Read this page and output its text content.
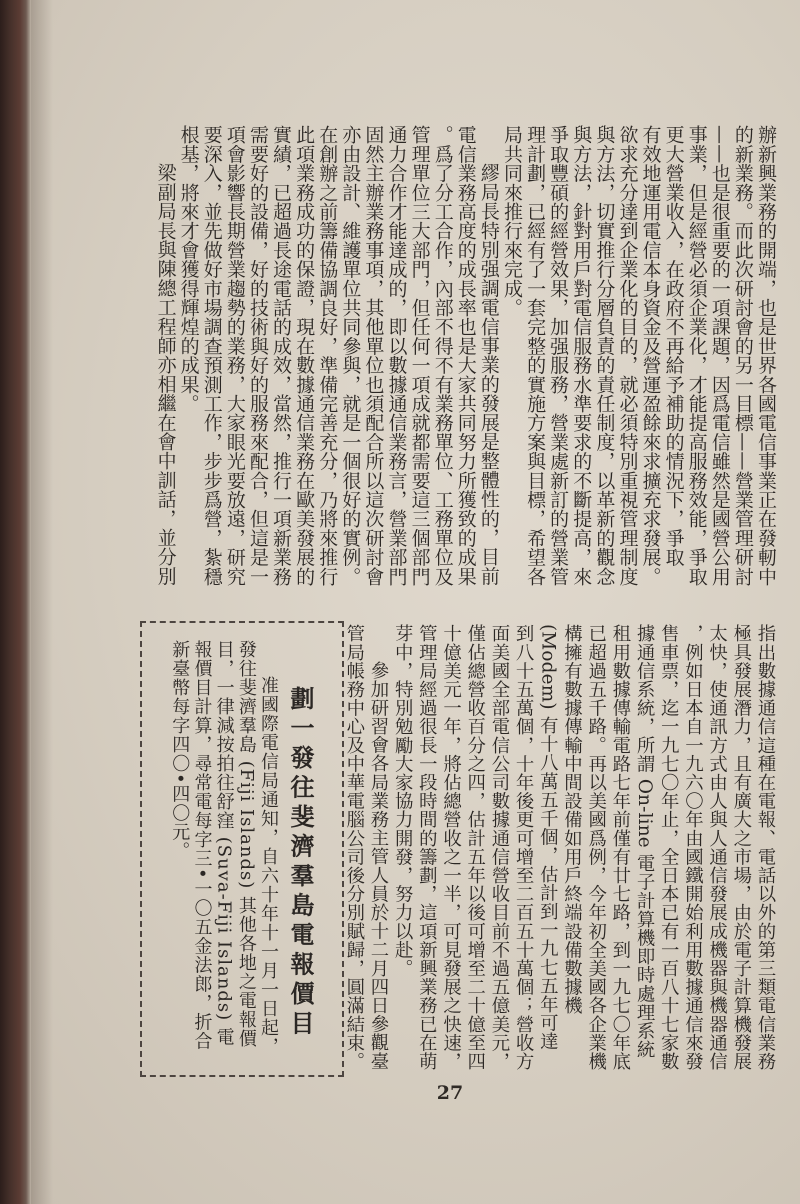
辦新興業務的開端，也是世界各國電信事業正在發軔中
的新業務。而此次研討會的另一目標——營業管理研討
——也是很重要的一項課題，因爲電信雖然是國營公用
事業，但是經營必須企業化，才能提高服務效能，爭取
更大營業收入，在政府不再給予補助的情況下，爭取
有效地運用電信本身資金及營運盈餘來求擴充求發展。
欲求充分達到企業化的目的，就必須特別重視管理制度
與方法，切實推行分層負責的責任制度，以革新的觀念
與方法，針對用戶對電信服務水準要求的不斷提高，來
爭取豐碩的經營效果，加强服務，營業處新訂的營業管
理計劃，已經有了一套完整的實施方案與目標，希望各
局共同來推行來完成。
繆局長特別强調電信事業的發展是整體性的，目前
電信業務高度的成長率也是大家共同努力所獲致的成果
。爲了分工合作，內部不得不有業務單位、工務單位及
管理單位三大部門，但任何一項成就都需要這三個部門
通力合作才能達成的，即以數據通信業務言，營業部門
固然主辦業務事項，其他單位也須配合所以這次研討會
亦由設計、維護單位共同參與，就是一個很好的實例。
在創辦之前籌備協調良好，準備完善充分，乃將來推行
此項業務成功的保證，現在數據通信業務在歐美發展的
實績，已超過長途電話的成效，當然，推行一項新業務
需要好的設備，好的技術與好的服務來配合，但這是一
項會影響長期營業趨勢的業務，大家眼光要放遠，研究
要深入，並先做好市場調查預測工作，步步爲營，紮穩
根基，將來才會獲得輝煌的成果。
梁副局長與陳總工程師亦相繼在會中訓話，並分別
指出數據通信這種在電報、電話以外的第三類電信業務
極具發展潛力，且有廣大之市場，由於電子計算機發展
太快，使通訊方式由人與人通信發展成機器與機器通信
，例如日本自一九六〇年由國鐵開始利用數據通信來發
售車票，迄一九七〇年止，全日本已有一百八十七家數
據通信系統，所謂 On-line 電子計算機即時處理系統
租用數據傳輸電路七年前僅有廿七路，到一九七〇年底
已超過五千路。再以美國爲例，今年初全美國各企業機
構擁有數據傳輸中間設備如用戶終端設備數據機
(Modem) 有十八萬五千個，估計到一九七五年可達
到八十五萬個，十年後更可增至二百五十萬個；營收方
面美國全部電信公司數據通信營收目前不過五億美元，
僅佔總營收百分之四，估計五年以後可增至二十億至四
十億美元一年，將佔總營收之一半，可見發展之快速，
管理局經過很長一段時間的籌劃，這項新興業務已在萌
芽中，特別勉勵大家協力開發，努力以赴。
參加研習會各局業務主管人員於十二月四日參觀臺
管局帳務中心及中華電腦公司後分別賦歸，圓滿結束。
劃一發往斐濟羣島電報價目
准國際電信局通知，自六十年十一月一日起，
發往斐濟羣島 (Fiji Islands) 其他各地之電報價
目，一律減按拍往舒窪 (Suva-Fiji Islands) 電
報價目計算，尋常電每字三•一〇五金法郎，折合
新臺幣每字四〇•四〇元。
27
